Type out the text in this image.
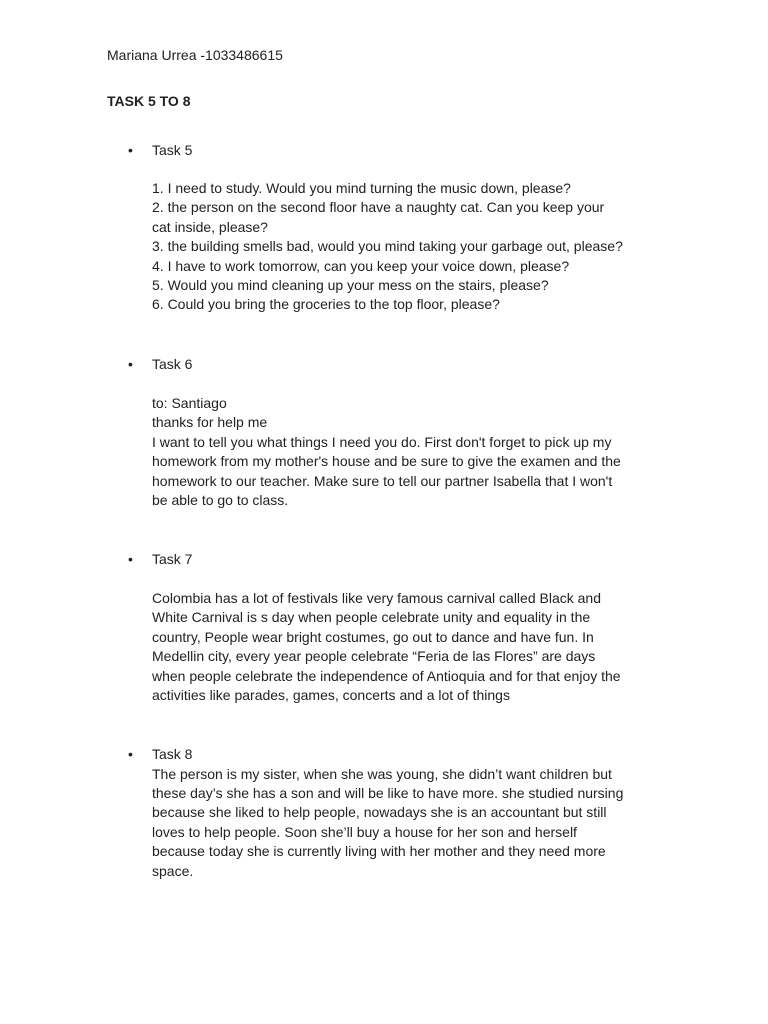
Mariana Urrea -1033486615
TASK 5 TO 8
• Task 5
1. I need to study. Would you mind turning the music down, please?
2. the person on the second floor have a naughty cat. Can you keep your
cat inside, please?
3. the building smells bad, would you mind taking your garbage out, please?
4. I have to work tomorrow, can you keep your voice down, please?
5. Would you mind cleaning up your mess on the stairs, please?
6. Could you bring the groceries to the top floor, please?
• Task 6
to: Santiago
thanks for help me
I want to tell you what things I need you do. First don't forget to pick up my
homework from my mother's house and be sure to give the examen and the
homework to our teacher. Make sure to tell our partner Isabella that I won't
be able to go to class.
• Task 7
Colombia has a lot of festivals like very famous carnival called Black and
White Carnival is s day when people celebrate unity and equality in the
country, People wear bright costumes, go out to dance and have fun. In
Medellin city, every year people celebrate “Feria de las Flores” are days
when people celebrate the independence of Antioquia and for that enjoy the
activities like parades, games, concerts and a lot of things
• Task 8
The person is my sister, when she was young, she didn’t want children but
these day’s she has a son and will be like to have more. she studied nursing
because she liked to help people, nowadays she is an accountant but still
loves to help people. Soon she’ll buy a house for her son and herself
because today she is currently living with her mother and they need more
space.
